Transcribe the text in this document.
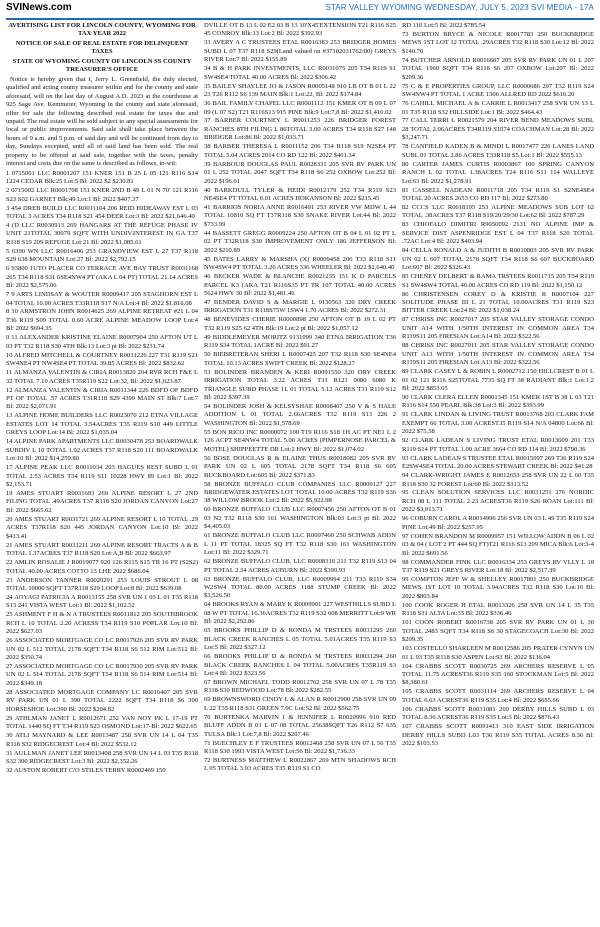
SVINews.com	STAR VALLEY WYOMING WEDNESDAY, JULY 5, 2023 SVI MEDIA - 17A

AVERTISING LIST FOR LINCOLN COUNTY, WYOMING FOR TAX YEAR 2022

NOTICE OF SALE OF REAL ESTATE FOR DELINQUENT TAXES

STATE OF WYOMING COUNTY OF LINCOLN SS COUNTY TREASURER'S OFFICE

Notice is hereby given that I, Jerry L. Greenfield, the duly elected, qualified and acting county treasurer within and for the county and state aforesaid, will on the last day of August A.D. 2023 at the courthouse at 925 Sage Ave. Kemmerer, Wyoming in the county and state aforesaid, offer for sale the following described real estate for taxes due and unpaid. The real estate will be sold subject to any special assessments for local or public improvements. Said sale shall take place between the hours of 9 a.m. and 5 p.m. of said day and will be continued from day to day, Sundays excepted, until all of said land has been sold. The real property to be offered at said sale, together with the taxes, penalty interest and costs due on the same is described as follows, to-wit:

1 0715001 LLC R0001207 151 KNER 151 B 25 L 05 121 R116 S14 1224 CEDAR Blk:25 Lot:5 Bl: 2022 $2 $230.81

2 0715002 LLC R0001708 151 KNER 2ND B 49 L 01 N 70' 121 R116 S23 S02 GARNET Blk:49 Lot:1 Bl: 2022 $407.37

3 454 DREB BUILD LLC R0011104 206 REID HIDEAWAY EST L 03 TOTAL 3 ACRES T34 R118 S21 454 DEER Lot:3 Bl: 2022 $21,646.40

4 (D LLC R0030913 269 HANGARS AT THE REFUGE PHASE IV UNIT 21TOTAL 30079 SQFT WITH UNDIV.INTEREST IN GA T37 R118 S19 209 REFUGE Lot:21 Bl: 2022 $1,085.61

5 6390 WN LLC R0016406 253 GRANDVIEW EST L 27 T37 R118 S29 638 MOUNTAIN Lot:27 Bl: 2022 $2,792.15

6 93800 1UTO PLACER CO TERRACE AVE BAY TRUST R0031168 265 T34 R118 S31 6SE4NW4 PT (AKA L 04 PT) TOTAL 21.14 ACRES Bl: 2022 $2,575.06

7 9 ARTS LINDSAY & WOUTER R0009417 205 STAGHORN EST L 04 TOTAL 10.00 ACRES T33R118 S17 N/A Lot:4 Bl: 2022 $1,816.08

8 10 ARMSTRON JOHN R0014625 269 ALPINE RETREAT #21 L 04 T36 R119 S09 TOTAL 0.60 ACRE ALPINE MEADOW LOOP Lot:4 Bl: 2022 $694.35

9 11 ALEXANDER KRISTINE ELAINE R0007904 250 AFTON UT L 03 PT T32 R118 S30 4TH Blk:13 Lot:3 pt Bl: 2022 $231.74

10 ALFRED MITCHELL & COURTNEY R0031226 227 T31 R119 S21 SW4NE4 PT NW4SE4 PT TOTAL 39.85 ACRES Bl: 2022 $832.62

11 ALMANZA VALENTIN & CIRIA R0013820 204 RVR RCH F&E L 32 TOTAL 7.10 ACRES T35R119 S22 Lot:32, Bl: 2022 $1,023.87

12 ALMANZA VALENTIN & CIRIA R0011344 226 BDFD OF BDFD PT OF TOTAL .57 ACRES T31R118 S29 4399 MAIN ST Blk:7 Lot:7 Bl: 2022 $2,071.91

13 ALPINE HOME BUILDERS LLC R0023070 212 ETNA VILLAGE ESTATES LOT 14 TOTAL 3.54ACRES T35 R119 S10 449 LITTLE GREYS LOOP Lot:14 Bl: 2022 $1,035.04

14 ALPINE PARK APARTMENTS LLC R0030478 253 BOARDWALK SUBDIV L 10 TOTAL 1.92 ACRES T37 R118 S20 111 BOARDWALK Lot:10 Bl: 2022 $14,259.80

17 ALPINE PEAK LLC R0011034 203 HAGUES REST SUBD L 01 TOTAL 2.53 ACRES T34 R119 S11 10228 HWY 89 Lot:1 Bl: 2022 $2,153.71

19 AMES STUART R0031693 269 ALPINE RESORT L 27 2ND FILING TOTAL .49ACRES T37 R118 S20 JORDAN CANYON Lot:27 Bl: 2022 $665.62

20 AMES STUART R0031721 269 ALPINE RESORT L 10 TOTAL .29 ACRES T37R118 S20 445 JORDAN CANYON Lot:10 Bl: 2022 $413.41

21 AMES STUART R0031211 269 ALPINE RESORT TRACTS A & B TOTAL 1.37ACRES T37 R118 S20 Lot:A,B Bl: 2022 $663.97

22 AMLIN ROSALIE J R0019077 920 126 R115 S15 TR 16 PT (S2S2) TOTAL 40.00 ACRES COTTO 13 LHE 2022 $686.04

23 ANDERSON TANNER R0020291 253 LOUIS STROUT L 08 TOTAL 10000 SQFT T37R118 S29 LOOP Lot:8 Bl: 2022 $639.08

24 AOYAGI PATRICIA A R0013155 258 SVR UN 1 03 L 01 T35 R118 S13 241 VISTA WEST Lot:1 Bl: 2022 $1,102.52

25 ASHMENT F H & N A TRUSTEES R0011812 205 SOUTHBROOK RCH L 10 TOTAL 2.20 ACRESS T34 R119 S10 POPLAR Lot:10 Bl: 2022 $627.03

26 ASSOCIATED MORTGAGE CO LC R0017926 205 SVR RV PARK UN 02 L 512 TOTAL 2178 SQFT T34 R118 S6 512 RIM Lot:512 Bl: 2022 $350.74

27 ASSOCIATED MORTGAGE CO LC R0017930 205 SVR RV PARK UN 02 L 514 TOTAL 2178 SQFT T34 R118 S6 514 RIM Lot:514 Bl: 2022 $349.18

28 ASSOCIATED MORTGAGE COMPANY LC R0016407 205 SVR RV PARK UN 01 L 390 TOTAL 2222 SQFT T34 R118 S6 390 HORSESHOE Lot:390 Bl: 2022 $204.82

29 ATHLMAN JANET L R0012671 252 VAN NOY PK L 17-19 PT TOTAL 1440 SQ FT T34 R119 S23 OSMOND Lot:17-Bl: 2022 $622.65

30 ATLI MAYNARD & LEE R0013487 258 SVR UN 14 L 04 T35 R118 S32 RIDGECREST Lot:4 Bl: 2022 $532.12

31 AULLMAN JANET LEE R0013408 258 SVR UN 14 L 03 T35 R118 S32 300 RIDGECREST Lot:3 Bl: 2022 $2,352.26

32 AUSTON ROBERT C/O STILES TERRY R0002469 150

DVILLE OT B 13 L 02 E2 03 B 13 10'X45'EXTENSION T21 R116 S25 45 CONROY Blk:13 Lot:2 Bl: 2022 $392.93

33 AVERY A C TRUSTEES ETAL R0016383 253 BRIDGER HOMES SUBD L 07 T37 R118 S29(Land valued on #37102031762/00) GREYS RIVER Lot:7 Bl: 2022 $155.89

34 B & H PARK INVESTMENTS, LLC R0031075 205 T34 R119 S1 SW4SE4 TOTAL 40.00 ACRES Bl: 2022 $306.42

35 BAILEY SHAYLEE JO & JASON R0005148 910 LB OT B 01 L 22 23 T26 R112 S6 139 MAIN Blk:1 Lot:22, Bl: 2022 $174.84

36 BAIL FAMILY CHAPEL LLC R0001112 151 KMER OT B 09 L 07 09 (L 07 S2) T21 R116S13 915 PINE Blk:9 Lot:7,8 Bl: 2022 $1,410.02

37 BARBER COURTNEY L R0011253 226 BRIDGER FOREST RANCHES 8TH FILING L 86TOTAL 3.00 ACRES T34 R118 S27 148 BRIDGER Lot:86 Bl: 2022 $1,033.71

38 BARBER THERESA L R0011152 206 T34 R118 S19 N2SE4 PT TOTAL 5.04 ACRES 2014 CO RD 122 Bl: 2022 $461.34

39 BARBOUR DOUGLAS PAUL R0028331 205 SVR RV PARK UN 01 L 252 TOTAL 2047 SQFT T34 R118 S6 252 OXBOW Lot:252 Bl: 2022 $196.61

40 BARKDULL TYLER & HEIDI R0012179 252 T34 R119 S23 NE4SE4 PT TOTAL 0.01 ACRES HOKANSON Bl: 2022 $215.45

41 BARRIOS NORIA ANNE R0016491 253 RIVER VW MDW L 44 TOTAL 10810 SQ FT T37R118 S30 SNAKE RIVER Lot:44 Bl: 2022 $733.99

44 BASSETT GREGG R0009224 250 AFTON OT B 04 L 01 02 PT L 02 PT T32R118 S30 IMPROVEMENT ONLY 186 JEFFERSON Bl: 2022 $210.89

45 BATES LARRY & MARSHA (X) R0009458 206 T33 R118 S11 NW4SW4 PT TOTAL 3.26 ACRES 336 WHEELER Bl: 2022 $2,640.40

46 BECKER WADE & BLANCHE R0021235 151 K D PARCELS PARCEL K3 (AKA T21 R116S35 PT TR 107 TOTAL 40.00 ACRES 5624 HWY 30 Bl: 2022 $1,481.46

47 BENDER DAVID S & MARGIE L 9130563 320 DRY CREEK IRRIGATION T31 R118S75W 1SW4 1.70 ACRES Bl: 2022 $272.31

48 BENEVIDES CHERIE R0000898 250 AFTON OT B 19 L 02 PT T32 R119 S25 62 4TH Blk:19 Lot:2 pt Bl: 2022 $1,057.12

49 BIDDLEMEYER MORITZ 9131099 340 ETNA IRRIGATION T36 R119 S34 TOTAL 1ACRE Bl: 2022 $91.27

50 BIEBRETERAN SHERI L R0007425 207 T32 R118 S30 SE4NE4 TOTAL 10.13 ACRES SWIFT CREEK Bl: 2022 $128.27

53 BOLINDER BRANDEN & KERI R0091550 320 DRY CREEK IRRIGATION TOTAL 3.22 ACRES T31 R121 0080 6080 K TRIANGLE SUBD PHASE 1L 01 TOTAL 5.12 ACRES T31 R119 S12 Bl: 2022 $397.39

54 BOLINDER JOSH & KELSYSHAE R0008467 250 V & S HALE ADDITION L 01 TOTAL 2.66ACRES T32 R119 S13 226 2 WASHINGTON Bl: 2022 $1,578.69

55 BON RICO INC R0000072 100 T19 R116 S18 1H AC PT NE1 L 2 126 ACPT SE4NW4 TOTAL 5.00 ACRES (PIMPERNOSE PARCEL & MOTEL) SHIPPEETTE DR Lot:2 HWY Bl: 2022 $1,074.02

56 BOSE DOUGLAS R & ELAINE THUS R0018082 205 SVR RV PARK UN 02 L 605 TOTAL 2178 SQFT T34 R118 S6 605 BUCKBOARD Lot:605 Bl: 2022 $371.83

58 BRONZE BUFFALO CLUB COMPANIES LLC R0009127 227 BRIDGEWATER ESTATES LOT TOTAL 10.00 ACRES T32 R119 S36 38 WILLOW BROOK Lot:2 Bl: 2022 $5,922.98

60 BRONZE BUFFALO CLUB LLC R0007456 250 AFTON OT B 01 03 N2 T32 R118 S30 161 WASHINGTON Blk:03 Lot:3 pt Bl: 2022 $4,405.03

61 BRONZE BUFFALO CLUB LLC R0007460 250 SCHWAB ADDN L 11 PT TOTAL 18325 SQ FT T32 R118 S30 161 WASHINGTON Lot:11 Bl: 2022 $329.71

62 BRONZE BUFFALO CLUB, LLC R0008310 211 T32 R119 S13 04 PT TOTAL 2.34 ACRES AUBURN Bl: 2022 $399.93

63 BRONZE BUFFALO CLUB, LLC R0009994 211 T33 R119 S34 W2SW4 TOTAL 80.00 ACRES 1188 STUMP CREEK Bl: 2022 $3,526.50

64 BROOKS RYAN & MARY K R0009901 227 WESTHILLS SUBD L 08 W PT TOTAL 16.36ACRES T32 R119 S32 608 MERRITT Lot:9 WR Bl: 2022 $2,292.86

65 BROOKS PHILLIP D & RONDA M TRSTEES R0031295 260 BLACK CREEK RANCHES L 05 TOTAL 5.01ACRES T35 R119 S3 Lot:5 Bl: 2022 $327.12

66 BROOKS PHILLIP D & RONDA M TRSTEES R0031294 260 BLACK CREEK RANCHES L 04 TOTAL 5.00ACRES T35R119 S3 Lot:4 Bl: 2022 $323.56

67 BROWN MICHAEL TODD R0012762 258 SVR UN 07 L 78 T35 R118 S30 REDWOOD Lot:78 Bl: 2022 $282.55

69 BROWNSWORD CINDY L & ALAN R R0012900 258 SVR UN 09 L 22 T35 R118 S31 GREEN 7.0C Lot:52 Bl: 2022 $562.75

70 BURTENKA MARVIN I & JENNIFER L R0020996 910 RED BLUFF ADDN B 01 L 07 08 TOTAL 25638SQFT T26 R112 S7 635 TULSA Blk:1 Lot:7,8 Bl: 2022 $207.46

71 BUECHLEY E F TRUSTEES R0012468 258 SVR UN 07 L 56 T35 R118 S30 1993 VISTA WEST Lot:56 Bl: 2022 $1,736.33

72 BURTNESS MATTHEW L R0022867 269 MTN SHADOWS RCH L 05 TOTAL 3.93 ACRES T35 R119 S1 CO

RD 110 Lot:5 Bl: 2022 $785.54

73 BURTON BRYCE & NICOLE R0017783 250 BUCKBRIDGE MEWS 1ST LOT 12 TOTAL .29ACRES T32 R118 S30 Lot:12 Bl: 2022 $140.70

74 BUTCHER ARNOLD R0016607 205 SVR RV PARK UN 01 L 207 TOTAL 1960 SQFT T34 R118 S6 207 OXBOW Lot:207 Bl: 2022 $209.36

75 C & E PROPERTIES GROUP, LLC R0000686 207 T32 R119 S24 SW4NW4 PT TOTAL 1 ACRE 1306 ALLRED RD 2022 $616.20

76 CAHILL MICHAEL A & CARRIE L R0013417 258 SVR UN 13 L 01 T35 R118 S32 HILLSIDE Lot:1 Bl: 2022 $464.43

77 CALL TERRI L R0021579 204 RIVER BEND MEADOWS SUBL 28 TOTAL 2.06ACRES T34R119 S1074 COACHMAN Lot:28 Bl: 2022 $3,247.71

78 CANFIELD KADEN B & MINDI L R0017477 226 LANES LAND SUBL 01 TOTAL 2.86 ACRES T33R118 S5 Lot:1 Bl: 2022 $555.13

80 CARTER JAMES CURTIS R0003867 100 SPRING CANYON RANCH L 02 TOTAL 1.38ACRES T24 R116 S11 114 WALLEYE Lot:63 Bl: 2022 $1,278.91

81 CASSELL NADEAN R0011718 205 T34 R119 S1 S2NE4SE4 TOTAL 20 ACRES 2653 CO RD 117 Bl: 2022 $273.80

82 CCCS LLC R0018195 253 ALPINE MEADOWS SUB LOT 62 TOTAL .38ACRES T37 R118 S19/20/29/30 Lot:62 Bl: 2022 $787.29

83 CHIOFALO DIMITRI R9050092 2131 NO ALPINE IMP & SERVICE DIST ASPENRIDGE EST L 04 T37 R118 S20 TOTAL .72AC Lot:4 Bl: 2022 $403.94

84 CELLA RONALD A & JUDITH B R0010803 205 SVR RV PARK UN 02 L 607 TOTAL 2178 SQFT T34 R118 S6 607 BUCKBOARD Lot:607 Bl: 2022 $326.43

85 CHENEY DELBERT & RAMA TRSTEES R0011715 205 T34 R119 S1 SW4SW4 TOTAL 40.00 ACRES CO RD 119 Bl: 2022 $1,150.12

86 CHRISTENSEN COREY D & KRISTIE R R0007104 227 SOLITUDE PHASE III L 21 TOTAL 10.00ACRES T31 R119 S23 BITTER CREEK Lot:24 Bl: 2022 $1,038.24

87 CHRISS INC R0027017 205 STAR VALLEY STORAGE CONDO UNIT A14 WITH 1/50TH INTEREST IN COMMON AREA T34 R119S11 205 FIRESIAN Lot:A14 Bl: 2022 $322.56

88 CHRISS INC R0027011 205 STAR VALLEY STORAGE CONDO UNIT A13 WITH 1/50TH INTEREST IN COMMON AREA T34 R119S11 205 FIRESIAN Lot:A13 Bl: 2022 $322.56

89 CLARK CASEY L & ROBIN L R0002712 150 HILLCREST B 01 L 01 02 121 R116 S25TOTAL 7735 SQ FT 38 RADIANT Blk:1 Lot:1,2 Bl: 2022 $853.65

90 CLARK CLERA ELLEN R0001345 151 KMER 1ST B 38 L 03 T21 R116 S14 550 PEARL Blk:38 Lot:3 Bl: 2022 $393.99

91 CLARK LINDAN & LIVING TRUST R0013768 203 CLARK FAM EXEMPT 66 TOTAL 3.00 ACREST35 R119 S14 N/A 04800 Lot:66 Bl: 2022 $75.58

92 CLARK LADEAN S LIVING TRUST ETAL R0013609 201 T33 R119 S14 PT TOTAL 1.00 ACRE 3664 CO RD 114 Bl: 2022 $790.36

93 CLARK LADEAN S TRUSTEE ETAL R0015097 269 T36 R119 S24 E2SW4SE4 TOTAL 20.00 ACRES STEWART CREEK Bl: 2022 $41.28

94 CLARK-WRIGHT JAMES E R0012653 258 SVR UN 22 L 60 T35 R118 S30 32 FOREST Lot:60 Bl: 2022 $313.52

95 CLEAN SOLUTION SERVICES LLC R0031251 276 NORDIC RCH 08 L 111 TOTAL 2.23 ACREST36 R119 S26 ROAN Lot:111 Bl: 2022 $3,913.71

96 COBURN CAROL A R0014996 256 SVR UN 03 L 49 T35 R119 S24 PINE Lot:49 Bl: 2022 $257.95

97 COHEN BRANDON M R0009957 151 WILLOW ADDN B 06 L 02 03 & 04 ( LOT 2 PT 444 SQ FT)T21 R116 S13 209 MICA Blk:6 Lot:3-4 Bl: 2022 $691.56

98 COMMANDER FINK LLC R0016334 253 GREYS RV VLLY L 18 T37 R119 S21 GREYS RIVER Lot:18 Bl: 2022 $2,517.39

99 COMPTON JEFF W & SHELLEY R0017801 250 BUCKBRIDGE MEWS 1ST LOT 10 TOTAL 3.94ACRES T32 R118 S30 Lot:10 Bl: 2022 $803.84

100 COOK ROGER H ETAL R0013326 258 SVR UN 14 L 35 T35 R118 S31 ALTA Lot:35 Bl: 2022 $336.46

101 COON ROBERT R0016738 205 SVR RV PARK UN 01 L 30 TOTAL 2483 SQFT T34 R118 S6 30 STAGECOACH Lot:30 Bl: 2022 $209.35

103 COSTELLO SHARLEEN M R0012586 205 PRATER CYNYN UN 01 L 93 T35 R118 S30 ASPEN Lot:93 Bl: 2022 $136.04

104 CRABBS SCOTT R0030725 269 ARCHERS RESERVE L 05 TOTAL 11.75 ACREST36 R119 S35 160 STOCKMAN Lot:5 Bl: 2022 $8,380.61

105 CRABBS SCOTT R0031114 269 ARCHERS RESERVE L 04 TOTAL 6.63 ACREST36 R119 S35 Lot:4 Bl: 2022 $655.66

106 CRABBS SCOTT R0031081 269 DERBY HILLS SUBD L 03 TOTAL 8.36 ACREST36 R119 S35 Lot:3 Bl: 2022 $876.43

107 CRABBS SCOTT R0091413 310 EAST SIDE IRRIGATION DERBY HILLS SUBD L03 T36 R119 S35 TOTAL ACRES 8.36 Bl: 2022 $103.53
